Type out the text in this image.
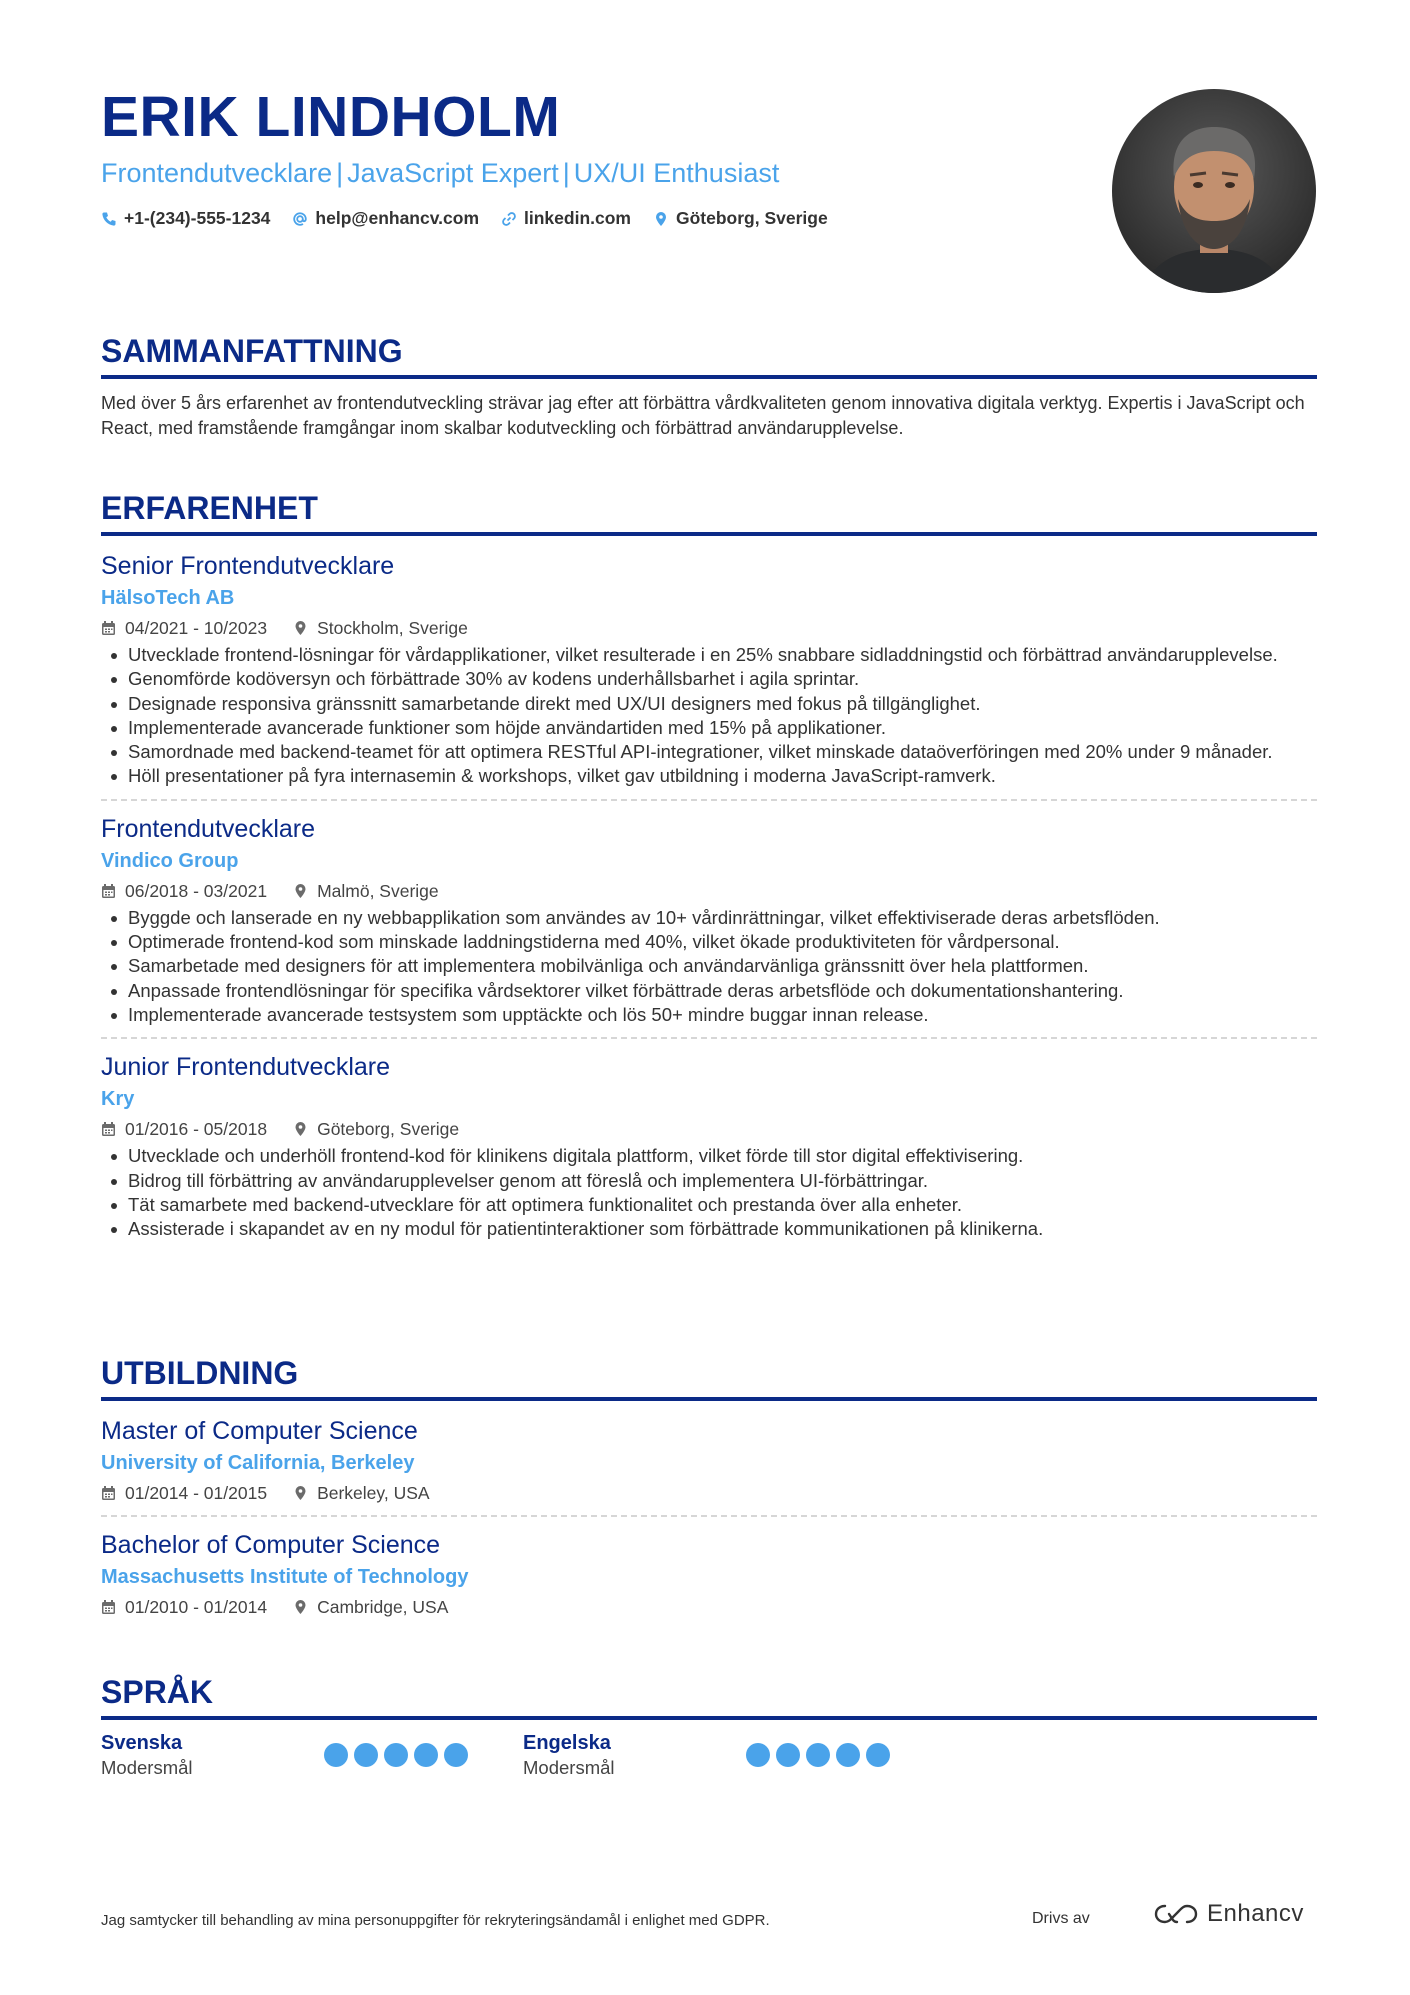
ERIK LINDHOLM
Frontendutvecklare | JavaScript Expert | UX/UI Enthusiast
+1-(234)-555-1234	help@enhancv.com	linkedin.com	Göteborg, Sverige
SAMMANFATTNING
Med över 5 års erfarenhet av frontendutveckling strävar jag efter att förbättra vårdkvaliteten genom innovativa digitala verktyg. Expertis i JavaScript och React, med framstående framgångar inom skalbar kodutveckling och förbättrad användarupplevelse.
ERFARENHET
Senior Frontendutvecklare
HälsoTech AB
04/2021 - 10/2023	Stockholm, Sverige
Utvecklade frontend-lösningar för vårdapplikationer, vilket resulterade i en 25% snabbare sidladdningstid och förbättrad användarupplevelse.
Genomförde kodöversyn och förbättrade 30% av kodens underhållsbarhet i agila sprintar.
Designade responsiva gränssnitt samarbetande direkt med UX/UI designers med fokus på tillgänglighet.
Implementerade avancerade funktioner som höjde användartiden med 15% på applikationer.
Samordnade med backend-teamet för att optimera RESTful API-integrationer, vilket minskade dataöverföringen med 20% under 9 månader.
Höll presentationer på fyra internasemin & workshops, vilket gav utbildning i moderna JavaScript-ramverk.
Frontendutvecklare
Vindico Group
06/2018 - 03/2021	Malmö, Sverige
Byggde och lanserade en ny webbapplikation som användes av 10+ vårdinrättningar, vilket effektiviserade deras arbetsflöden.
Optimerade frontend-kod som minskade laddningstiderna med 40%, vilket ökade produktiviteten för vårdpersonal.
Samarbetade med designers för att implementera mobilvänliga och användarvänliga gränssnitt över hela plattformen.
Anpassade frontendlösningar för specifika vårdsektorer vilket förbättrade deras arbetsflöde och dokumentationshantering.
Implementerade avancerade testsystem som upptäckte och lös 50+ mindre buggar innan release.
Junior Frontendutvecklare
Kry
01/2016 - 05/2018	Göteborg, Sverige
Utvecklade och underhöll frontend-kod för klinikens digitala plattform, vilket förde till stor digital effektivisering.
Bidrog till förbättring av användarupplevelser genom att föreslå och implementera UI-förbättringar.
Tät samarbete med backend-utvecklare för att optimera funktionalitet och prestanda över alla enheter.
Assisterade i skapandet av en ny modul för patientinteraktioner som förbättrade kommunikationen på klinikerna.
UTBILDNING
Master of Computer Science
University of California, Berkeley
01/2014 - 01/2015	Berkeley, USA
Bachelor of Computer Science
Massachusetts Institute of Technology
01/2010 - 01/2014	Cambridge, USA
SPRÅK
Svenska
Modersmål
Engelska
Modersmål
Jag samtycker till behandling av mina personuppgifter för rekryteringsändamål i enlighet med GDPR.	Drivs av	Enhancv
